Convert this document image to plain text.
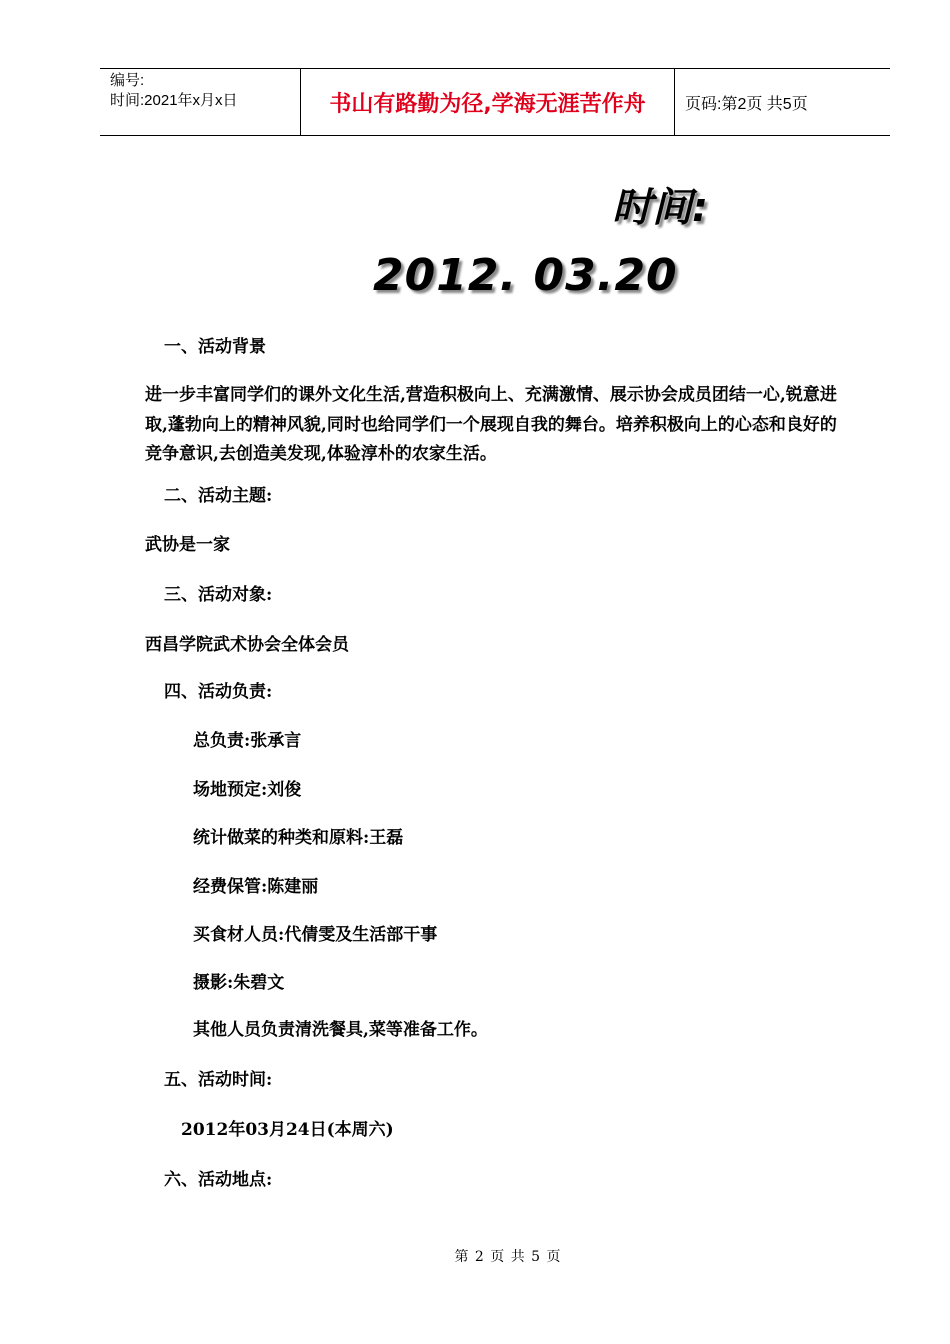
编号:
时间:2021年x月x日	书山有路勤为径,学海无涯苦作舟	页码:第2页 共5页
时间:
2012. 03.20
一、活动背景

进一步丰富同学们的课外文化生活,营造积极向上、充满激情、展示协会成员团结一心,锐意进取,蓬勃向上的精神风貌,同时也给同学们一个展现自我的舞台。培养积极向上的心态和良好的竞争意识,去创造美发现,体验淳朴的农家生活。

二、活动主题:
武协是一家
三、活动对象:
西昌学院武术协会全体会员
四、活动负责:
总负责:张承言
场地预定:刘俊
统计做菜的种类和原料:王磊
经费保管:陈建丽
买食材人员:代倩雯及生活部干事
摄影:朱碧文
其他人员负责清洗餐具,菜等准备工作。
五、活动时间:
2012年03月24日(本周六)
六、活动地点:
第 2 页 共 5 页
